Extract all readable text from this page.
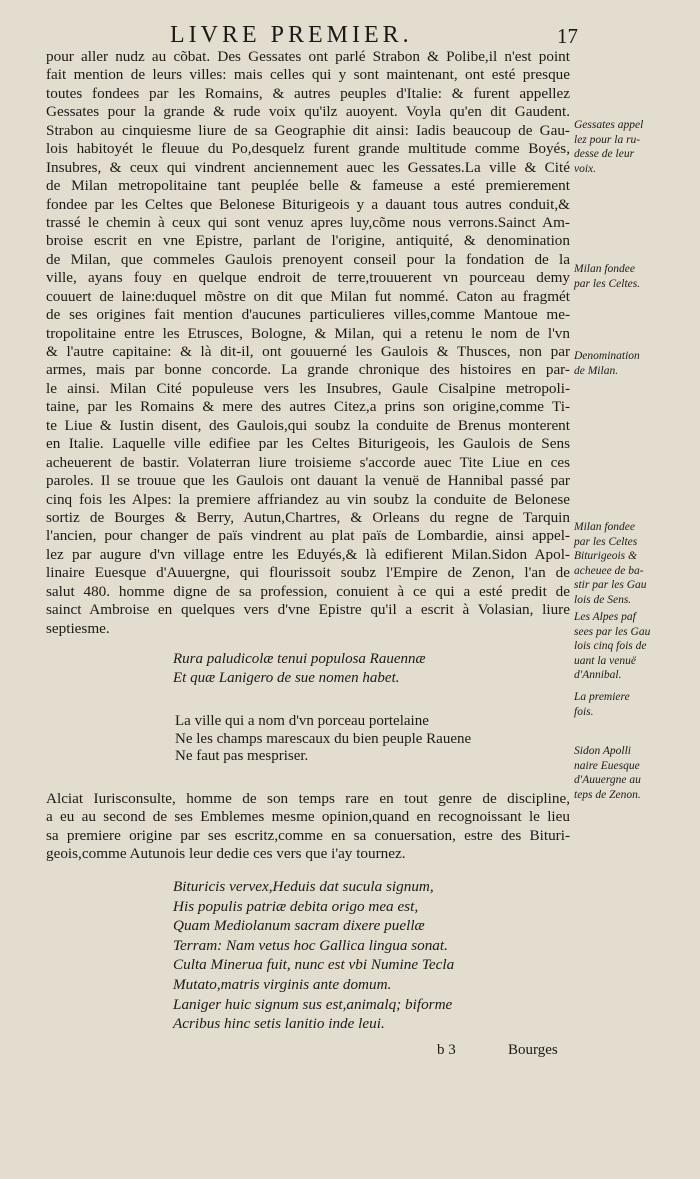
LIVRE PREMIER.	17
pour aller nudz au cõbat. Des Gessates ont parlé Strabon & Polibe,il n'est point
fait mention de leurs villes: mais celles qui y sont maintenant, ont esté presque
toutes fondees par les Romains, & autres peuples d'Italie: & furent appellez
Gessates pour la grande & rude voix qu'ilz auoyent. Voyla qu'en dit Gaudent.
Strabon au cinquiesme liure de sa Geographie dit ainsi: Iadis beaucoup de Gau-
lois habitoyét le fleuue du Po,desquelz furent grande multitude comme Boyés,
Insubres, & ceux qui vindrent anciennement auec les Gessates.La ville & Cité
de Milan metropolitaine tant peuplée belle & fameuse a esté premierement
fondee par les Celtes que Belonese Biturigeois y a dauant tous autres conduit,&
trassé le chemin à ceux qui sont venuz apres luy,cõme nous verrons.Sainct Am-
broise escrit en vne Epistre, parlant de l'origine, antiquité, & denomination
de Milan, que commeles Gaulois prenoyent conseil pour la fondation de la
ville, ayans fouy en quelque endroit de terre,trouuerent vn pourceau demy
couuert de laine:duquel mõstre on dit que Milan fut nommé. Caton au fragmét
de ses origines fait mention d'aucunes particulieres villes,comme Mantoue me-
tropolitaine entre les Etrusces, Bologne, & Milan, qui a retenu le nom de l'vn
& l'autre capitaine: & là dit-il, ont gouuerné les Gaulois & Thusces, non par
armes, mais par bonne concorde. La grande chronique des histoires en par-
le ainsi. Milan Cité populeuse vers les Insubres, Gaule Cisalpine metropoli-
taine, par les Romains & mere des autres Citez,a prins son origine,comme Ti-
te Liue & Iustin disent, des Gaulois,qui soubz la conduite de Brenus monterent
en Italie. Laquelle ville edifiee par les Celtes Biturigeois, les Gaulois de Sens
acheuerent de bastir. Volaterran liure troisieme s'accorde auec Tite Liue en ces
paroles. Il se trouue que les Gaulois ont dauant la venuë de Hannibal passé par
cinq fois les Alpes: la premiere affriandez au vin soubz la conduite de Belonese
sortiz de Bourges & Berry, Autun,Chartres, & Orleans du regne de Tarquin
l'ancien, pour changer de païs vindrent au plat païs de Lombardie, ainsi appel-
lez par augure d'vn village entre les Eduyés,& là edifierent Milan.Sidon Apol-
linaire Euesque d'Auuergne, qui flourissoit soubz l'Empire de Zenon, l'an de
salut 480. homme digne de sa profession, conuient à ce qui a esté predit de
sainct Ambroise en quelques vers d'vne Epistre qu'il a escrit à Volasian, liure
septiesme.
Rura paludicolæ tenui populosa Rauennæ
Et quæ Lanigero de sue nomen habet.
La ville qui a nom d'vn porceau portelaine
Ne les champs marescaux du bien peuple Rauene
Ne faut pas mespriser.
Alciat Iurisconsulte, homme de son temps rare en tout genre de discipline,
a eu au second de ses Emblemes mesme opinion,quand en recognoissant le lieu
sa premiere origine par ses escritz,comme en sa conuersation, estre des Bituri-
geois,comme Autunois leur dedie ces vers que i'ay tournez.
Bituricis vervex,Heduis dat sucula signum,
His populis patriæ debita origo mea est,
Quam Mediolanum sacram dixere puellæ
Terram: Nam vetus hoc Gallica lingua sonat.
Culta Minerua fuit, nunc est vbi Numine Tecla
Mutato,matris virginis ante domum.
Laniger huic signum sus est,animalq; biforme
Acribus hinc setis lanitio inde leui.
b 3	Bourges
Gessates appel
lez pour la ru-
desse de leur
voix.
Milan fondee
par les Celtes.
Denomination
de Milan.
Milan fondee
par les Celtes
Biturigeois &
acheuee de ba-
stir par les Gau
lois de Sens.
Les Alpes paf
sees par les Gau
lois cinq fois de
uant la venuë
d'Annibal.
La premiere
fois.
Sidon Apolli
naire Euesque
d'Auuergne au
teps de Zenon.
